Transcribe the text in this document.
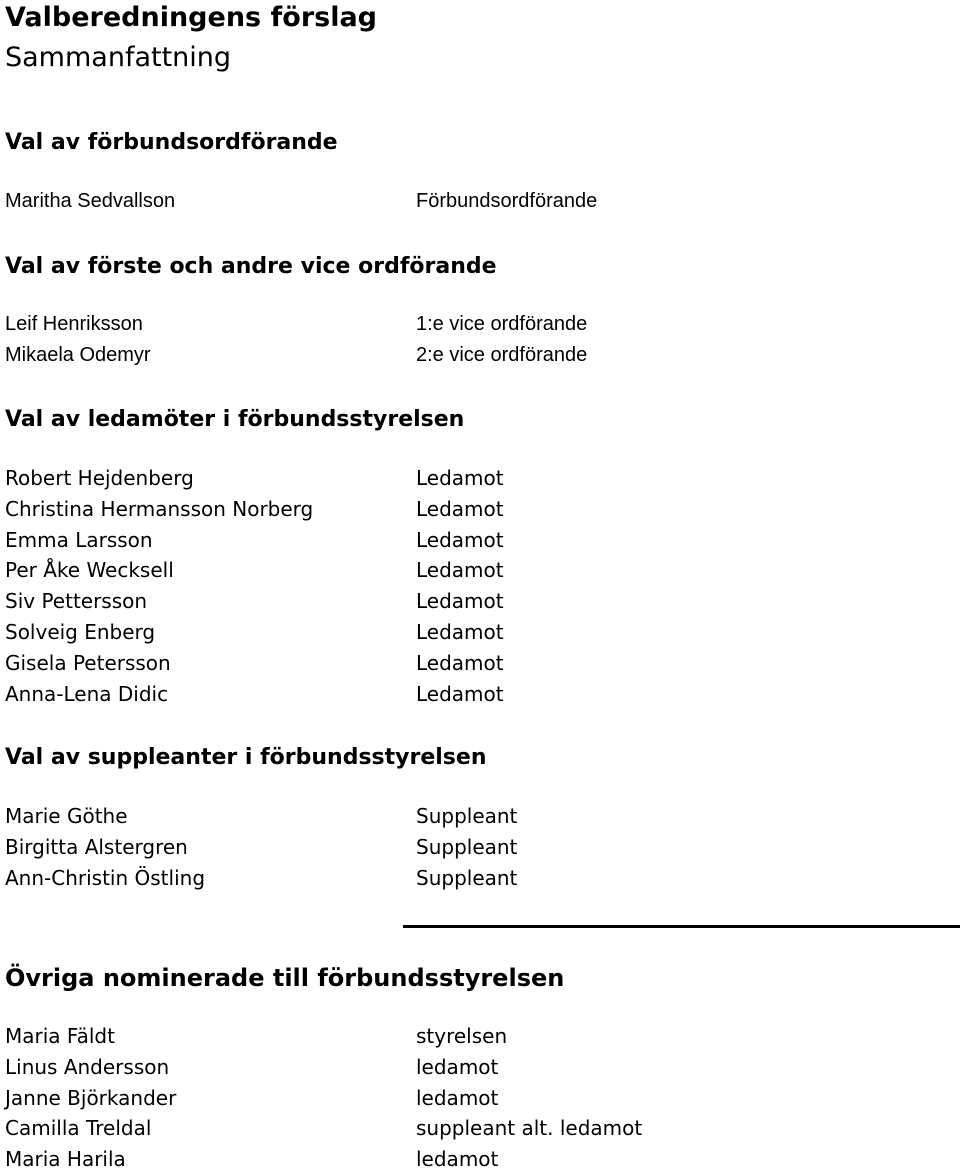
Valberedningens förslag
Sammanfattning
Val av förbundsordförande
Maritha Sedvallson	Förbundsordförande
Val av förste och andre vice ordförande
Leif Henriksson	1:e vice ordförande
Mikaela Odemyr	2:e vice ordförande
Val av ledamöter i förbundsstyrelsen
Robert Hejdenberg	Ledamot
Christina Hermansson Norberg	Ledamot
Emma Larsson	Ledamot
Per Åke Wecksell	Ledamot
Siv Pettersson	Ledamot
Solveig Enberg	Ledamot
Gisela Petersson	Ledamot
Anna-Lena Didic	Ledamot
Val av suppleanter i förbundsstyrelsen
Marie Göthe	Suppleant
Birgitta Alstergren	Suppleant
Ann-Christin Östling	Suppleant
Övriga nominerade till förbundsstyrelsen
Maria Fäldt	styrelsen
Linus Andersson	ledamot
Janne Björkander	ledamot
Camilla Treldal	suppleant alt. ledamot
Maria Harila	ledamot
